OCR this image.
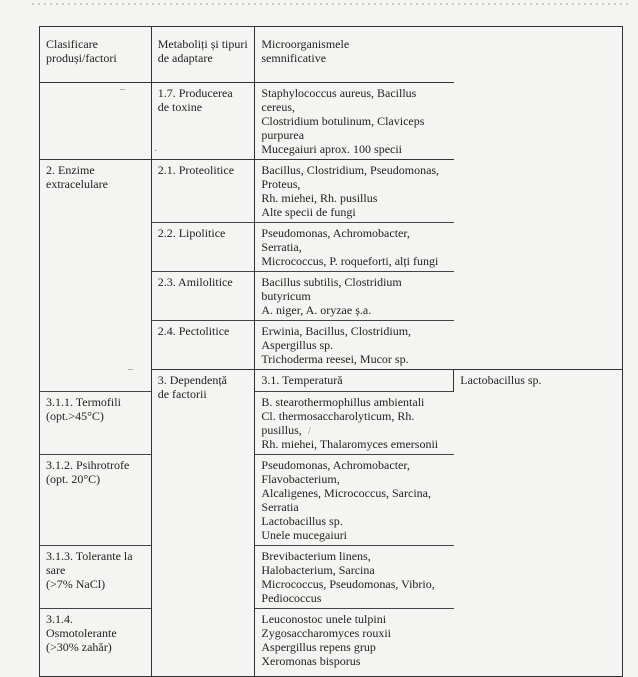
Clasificare
produși/factori	Metaboliți și tipuri
de adaptare	Microorganismele
semnificative	
	1.7. Producerea
de toxine	Staphylococcus aureus, Bacillus cereus,
Clostridium botulinum, Claviceps purpurea
Mucegaiuri aprox. 100 specii	
2. Enzime
extracelulare	2.1. Proteolitice	Bacillus, Clostridium, Pseudomonas, Proteus,
Rh. miehei, Rh. pusillus
Alte specii de fungi	
	2.2. Lipolitice	Pseudomonas, Achromobacter, Serratia,
Micrococcus, P. roqueforti, alți fungi	
	2.3. Amilolitice	Bacillus subtilis, Clostridium butyricum
A. niger, A. oryzae ș.a.	
	2.4. Pectolitice	Erwinia, Bacillus, Clostridium, Aspergillus sp.
Trichoderma reesei, Mucor sp.	
	3. Dependență
de factorii	3.1. Temperatură	Lactobacillus sp.
3.1.1. Termofili
(opt.>45°C)		B. stearothermophillus ambientali
Cl. thermosaccharolyticum, Rh. pusillus,
Rh. miehei, Thalaromyces emersonii	
3.1.2. Psihrotrofe
(opt. 20°C)		Pseudomonas, Achromobacter, Flavobacterium,
Alcaligenes, Micrococcus, Sarcina, Serratia
Lactobacillus sp.
Unele mucegaiuri	
3.1.3. Tolerante la sare
(>7% NaCl)		Brevibacterium linens, Halobacterium, Sarcina
Micrococcus, Pseudomonas, Vibrio, Pediococcus	
3.1.4. Osmotolerante
(>30% zahăr)		Leuconostoc unele tulpini
Zygosaccharomyces rouxii
Aspergillus repens grup
Xeromonas bisporus	
–
·
–
/
